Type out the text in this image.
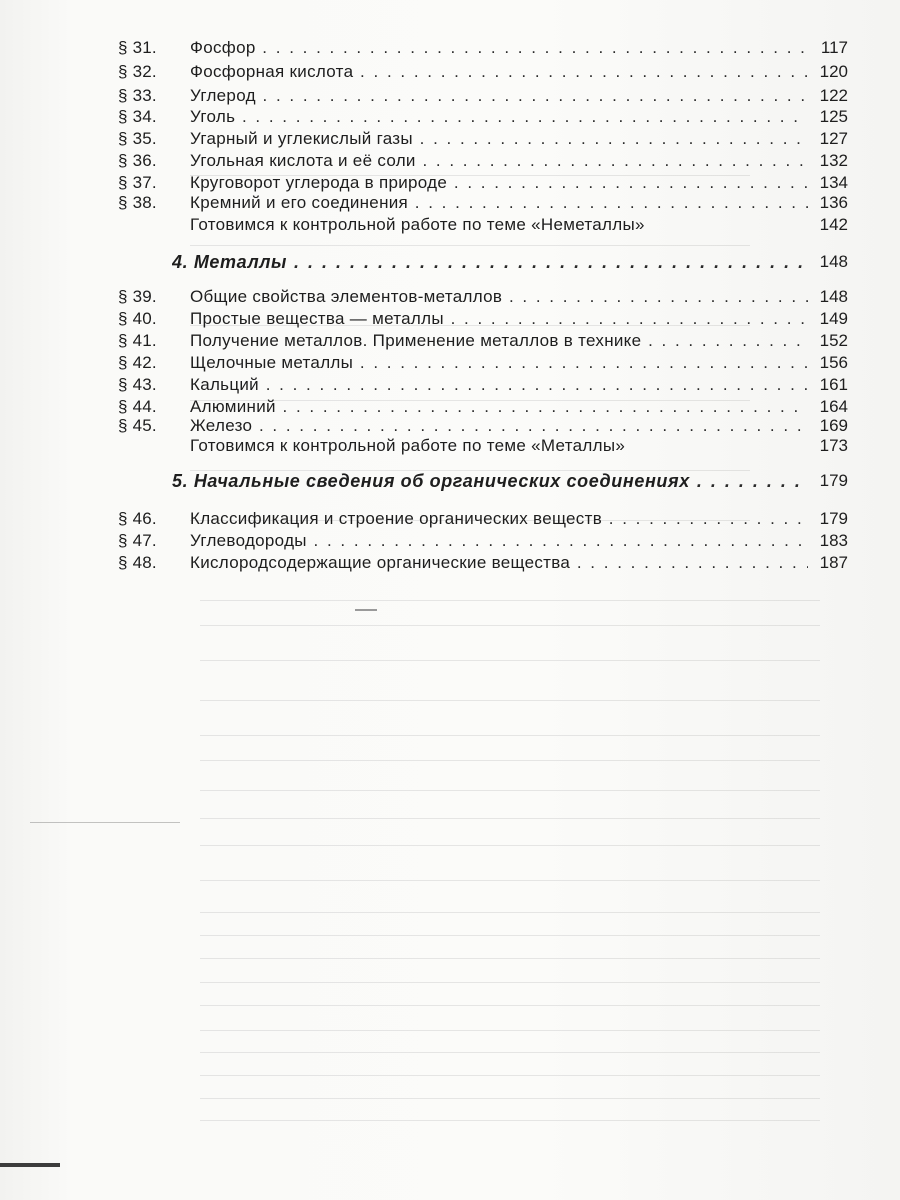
§ 31.	Фосфор . . .	117
§ 32.	Фосфорная кислота . . .	120
§ 33.	Углерод . . .	122
§ 34.	Уголь . . .	125
§ 35.	Угарный и углекислый газы . . .	127
§ 36.	Угольная кислота и её соли . . .	132
§ 37.	Круговорот углерода в природе . . .	134
§ 38.	Кремний и его соединения . . .	136
Готовимся к контрольной работе по теме «Неметаллы»	142
4. Металлы . . .	148
§ 39.	Общие свойства элементов-металлов . . .	148
§ 40.	Простые вещества — металлы . . .	149
§ 41.	Получение металлов. Применение металлов в технике . . .	152
§ 42.	Щелочные металлы . . .	156
§ 43.	Кальций . . .	161
§ 44.	Алюминий . . .	164
§ 45.	Железо . . .	169
Готовимся к контрольной работе по теме «Металлы»	173
5. Начальные сведения об органических соединениях . . .	179
§ 46.	Классификация и строение органических веществ . . .	179
§ 47.	Углеводороды . . .	183
§ 48.	Кислородсодержащие органические вещества . . .	187
